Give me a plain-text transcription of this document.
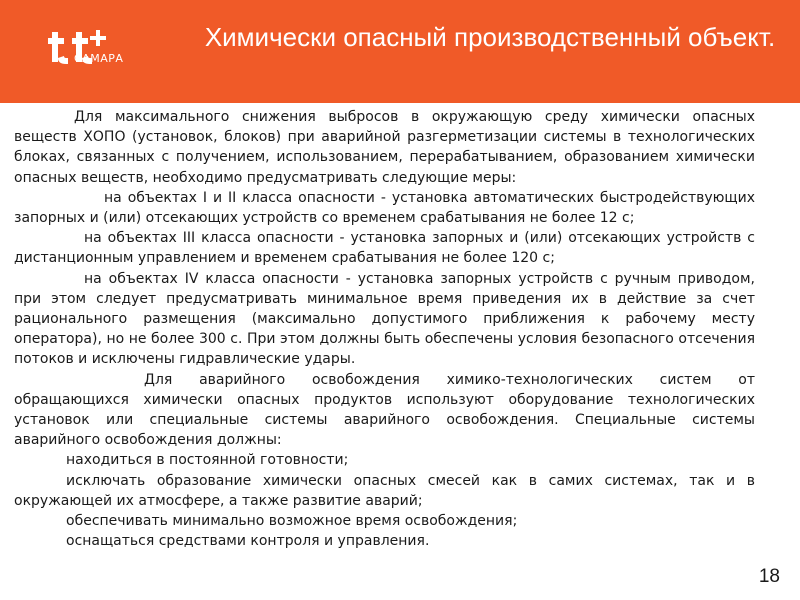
САМАРА
Химически опасный производственный объект.

Для максимального снижения выбросов в окружающую среду химически опасных веществ ХОПО (установок, блоков) при аварийной разгерметизации системы в технологических блоках, связанных с получением, использованием, перерабатыванием, образованием химически опасных веществ, необходимо предусматривать следующие меры:

на объектах I и II класса опасности - установка автоматических быстродействующих запорных и (или) отсекающих устройств со временем срабатывания не более 12 с;

на объектах III класса опасности - установка запорных и (или) отсекающих устройств с дистанционным управлением и временем срабатывания не более 120 с;

на объектах IV класса опасности - установка запорных устройств с ручным приводом, при этом следует предусматривать минимальное время приведения их в действие за счет рационального размещения (максимально допустимого приближения к рабочему месту оператора), но не более 300 с. При этом должны быть обеспечены условия безопасного отсечения потоков и исключены гидравлические удары.

Для аварийного освобождения химико-технологических систем от обращающихся химически опасных продуктов используют оборудование технологических установок или специальные системы аварийного освобождения. Специальные системы аварийного освобождения должны:

находиться в постоянной готовности;

исключать образование химически опасных смесей как в самих системах, так и в окружающей их атмосфере, а также развитие аварий;

обеспечивать минимально возможное время освобождения;

оснащаться средствами контроля и управления.

18
